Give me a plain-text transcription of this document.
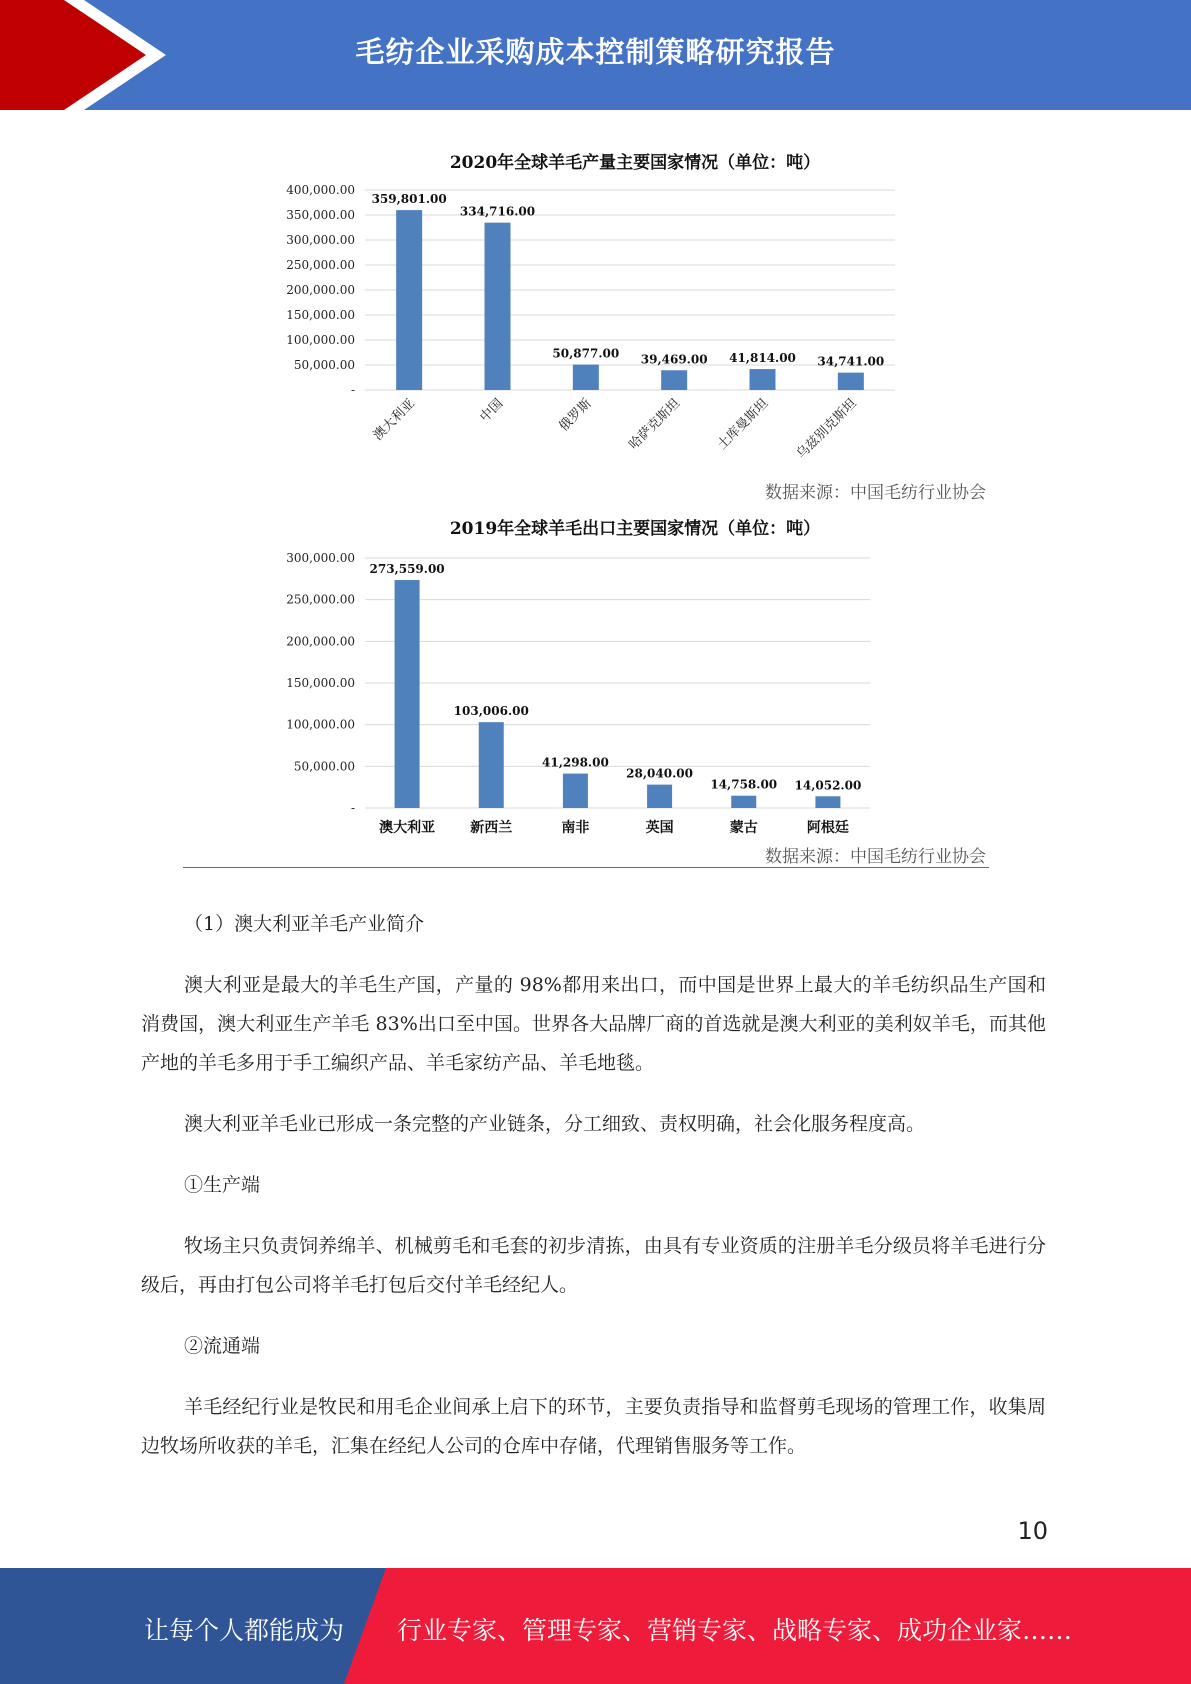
毛纺企业采购成本控制策略研究报告
2020年全球羊毛产量主要国家情况（单位：吨）
-
50,000.00
100,000.00
150,000.00
200,000.00
250,000.00
300,000.00
350,000.00
400,000.00
359,801.00
澳大利亚
334,716.00
中国
50,877.00
俄罗斯
39,469.00
哈萨克斯坦
41,814.00
土库曼斯坦
34,741.00
乌兹别克斯坦
数据来源：中国毛纺行业协会
2019年全球羊毛出口主要国家情况（单位：吨）
-
50,000.00
100,000.00
150,000.00
200,000.00
250,000.00
300,000.00
273,559.00
澳大利亚
103,006.00
新西兰
41,298.00
南非
28,040.00
英国
14,758.00
蒙古
14,052.00
阿根廷
数据来源：中国毛纺行业协会

（1）澳大利亚羊毛产业简介

澳大利亚是最大的羊毛生产国，产量的 98%都用来出口，而中国是世界上最大的羊毛纺织品生产国和消费国，澳大利亚生产羊毛 83%出口至中国。世界各大品牌厂商的首选就是澳大利亚的美利奴羊毛，而其他产地的羊毛多用于手工编织产品、羊毛家纺产品、羊毛地毯。

澳大利亚羊毛业已形成一条完整的产业链条，分工细致、责权明确，社会化服务程度高。

①生产端

牧场主只负责饲养绵羊、机械剪毛和毛套的初步清拣，由具有专业资质的注册羊毛分级员将羊毛进行分级后，再由打包公司将羊毛打包后交付羊毛经纪人。

②流通端

羊毛经纪行业是牧民和用毛企业间承上启下的环节，主要负责指导和监督剪毛现场的管理工作，收集周边牧场所收获的羊毛，汇集在经纪人公司的仓库中存储，代理销售服务等工作。

10
让每个人都能成为 行业专家、管理专家、营销专家、战略专家、成功企业家……
